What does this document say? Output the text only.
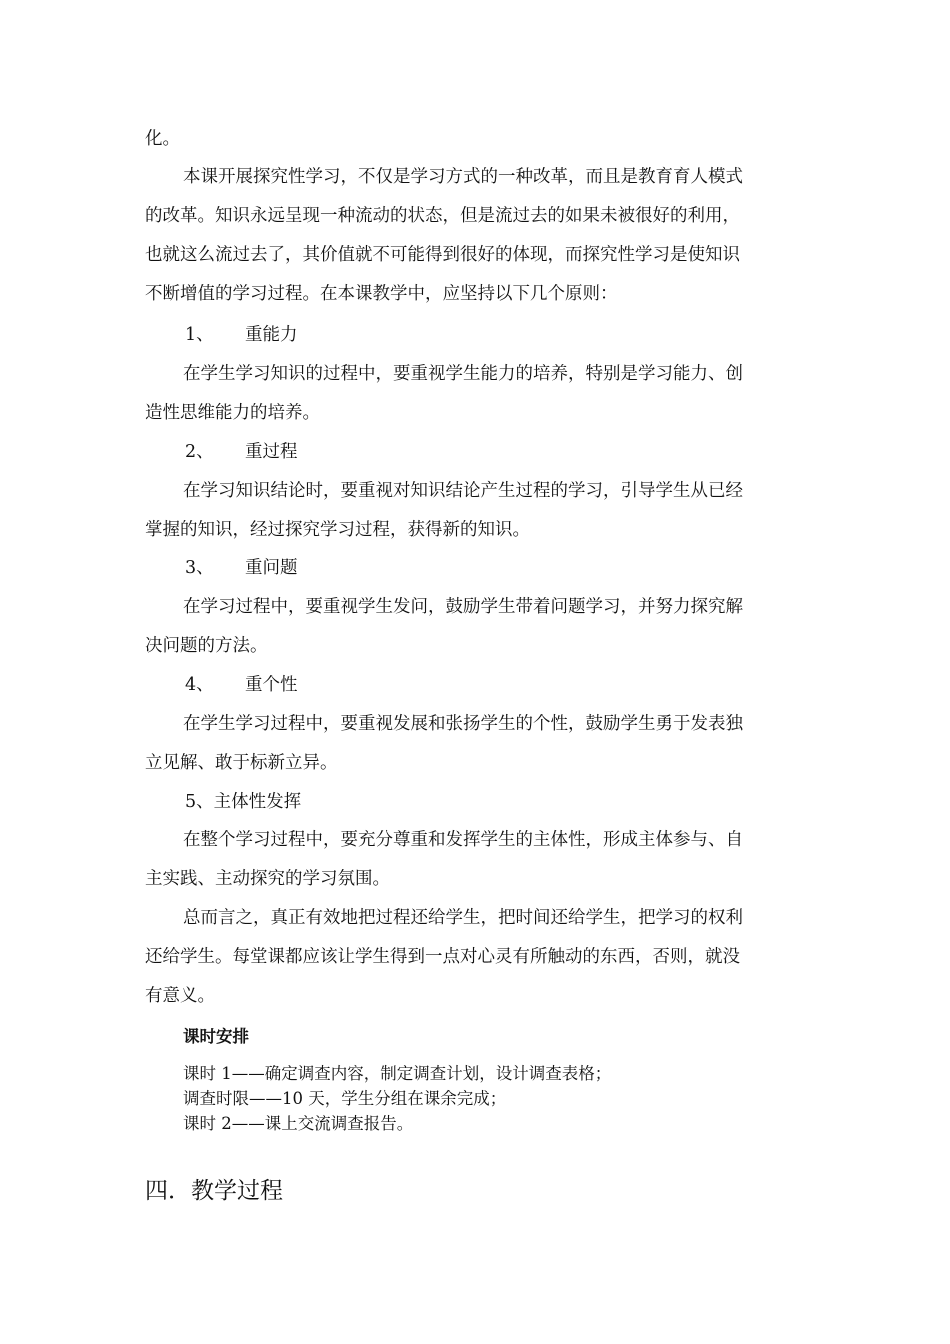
化。
本课开展探究性学习，不仅是学习方式的一种改革，而且是教育育人模式
的改革。知识永远呈现一种流动的状态，但是流过去的如果未被很好的利用，
也就这么流过去了，其价值就不可能得到很好的体现，而探究性学习是使知识
不断增值的学习过程。在本课教学中，应坚持以下几个原则：
1、 重能力
在学生学习知识的过程中，要重视学生能力的培养，特别是学习能力、创
造性思维能力的培养。
2、 重过程
在学习知识结论时，要重视对知识结论产生过程的学习，引导学生从已经
掌握的知识，经过探究学习过程，获得新的知识。
3、 重问题
在学习过程中，要重视学生发问，鼓励学生带着问题学习，并努力探究解
决问题的方法。
4、 重个性
在学生学习过程中，要重视发展和张扬学生的个性，鼓励学生勇于发表独
立见解、敢于标新立异。
5、主体性发挥
在整个学习过程中，要充分尊重和发挥学生的主体性，形成主体参与、自
主实践、主动探究的学习氛围。
总而言之，真正有效地把过程还给学生，把时间还给学生，把学习的权利
还给学生。每堂课都应该让学生得到一点对心灵有所触动的东西，否则，就没
有意义。
课时安排
课时 1——确定调查内容，制定调查计划，设计调查表格；
调查时限——10 天，学生分组在课余完成；
课时 2——课上交流调查报告。
四．教学过程
